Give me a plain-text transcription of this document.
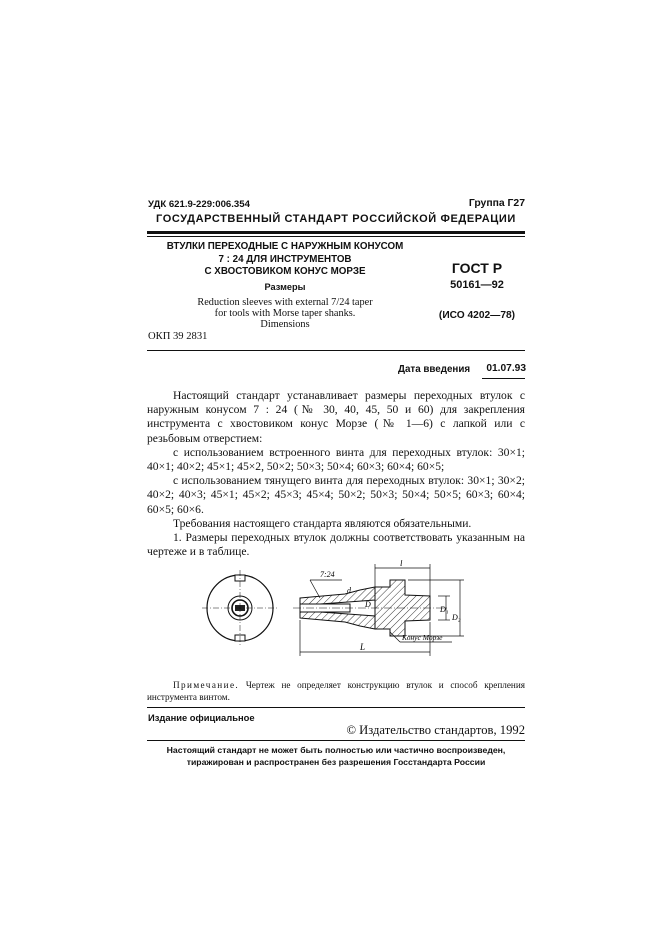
УДК 621.9-229:006.354	Группа Г27
ГОСУДАРСТВЕННЫЙ СТАНДАРТ РОССИЙСКОЙ ФЕДЕРАЦИИ
ВТУЛКИ ПЕРЕХОДНЫЕ С НАРУЖНЫМ КОНУСОМ
7 : 24 ДЛЯ ИНСТРУМЕНТОВ
С ХВОСТОВИКОМ КОНУС МОРЗЕ
Размеры
Reduction sleeves with external 7/24 taper
for tools with Morse taper shanks.
Dimensions
ГОСТ Р
50161—92
(ИСО 4202—78)
ОКП 39 2831
Дата введения	01.07.93

Настоящий стандарт устанавливает размеры переходных втулок с наружным конусом 7 : 24 (№ 30, 40, 45, 50 и 60) для закрепления инструмента с хвостовиком конус Морзе (№ 1—6) с лапкой или с резьбовым отверстием:

с использованием встроенного винта для переходных втулок: 30×1; 40×1; 40×2; 45×1; 45×2, 50×2; 50×3; 50×4; 60×3; 60×4; 60×5;

с использованием тянущего винта для переходных втулок: 30×1; 30×2; 40×2; 40×3; 45×1; 45×2; 45×3; 45×4; 50×2; 50×3; 50×4; 50×5; 60×3; 60×4; 60×5; 60×6.

Требования настоящего стандарта являются обязательными.

1. Размеры переходных втулок должны соответствовать указанным на чертеже и в таблице.

7:24
d
D
l
L
D₁
D₂
Конус Морзе
Примечание. Чертеж не определяет конструкцию втулок и способ крепления инструмента винтом.
Издание официальное
© Издательство стандартов, 1992
Настоящий стандарт не может быть полностью или частично воспроизведен,
тиражирован и распространен без разрешения Госстандарта России
